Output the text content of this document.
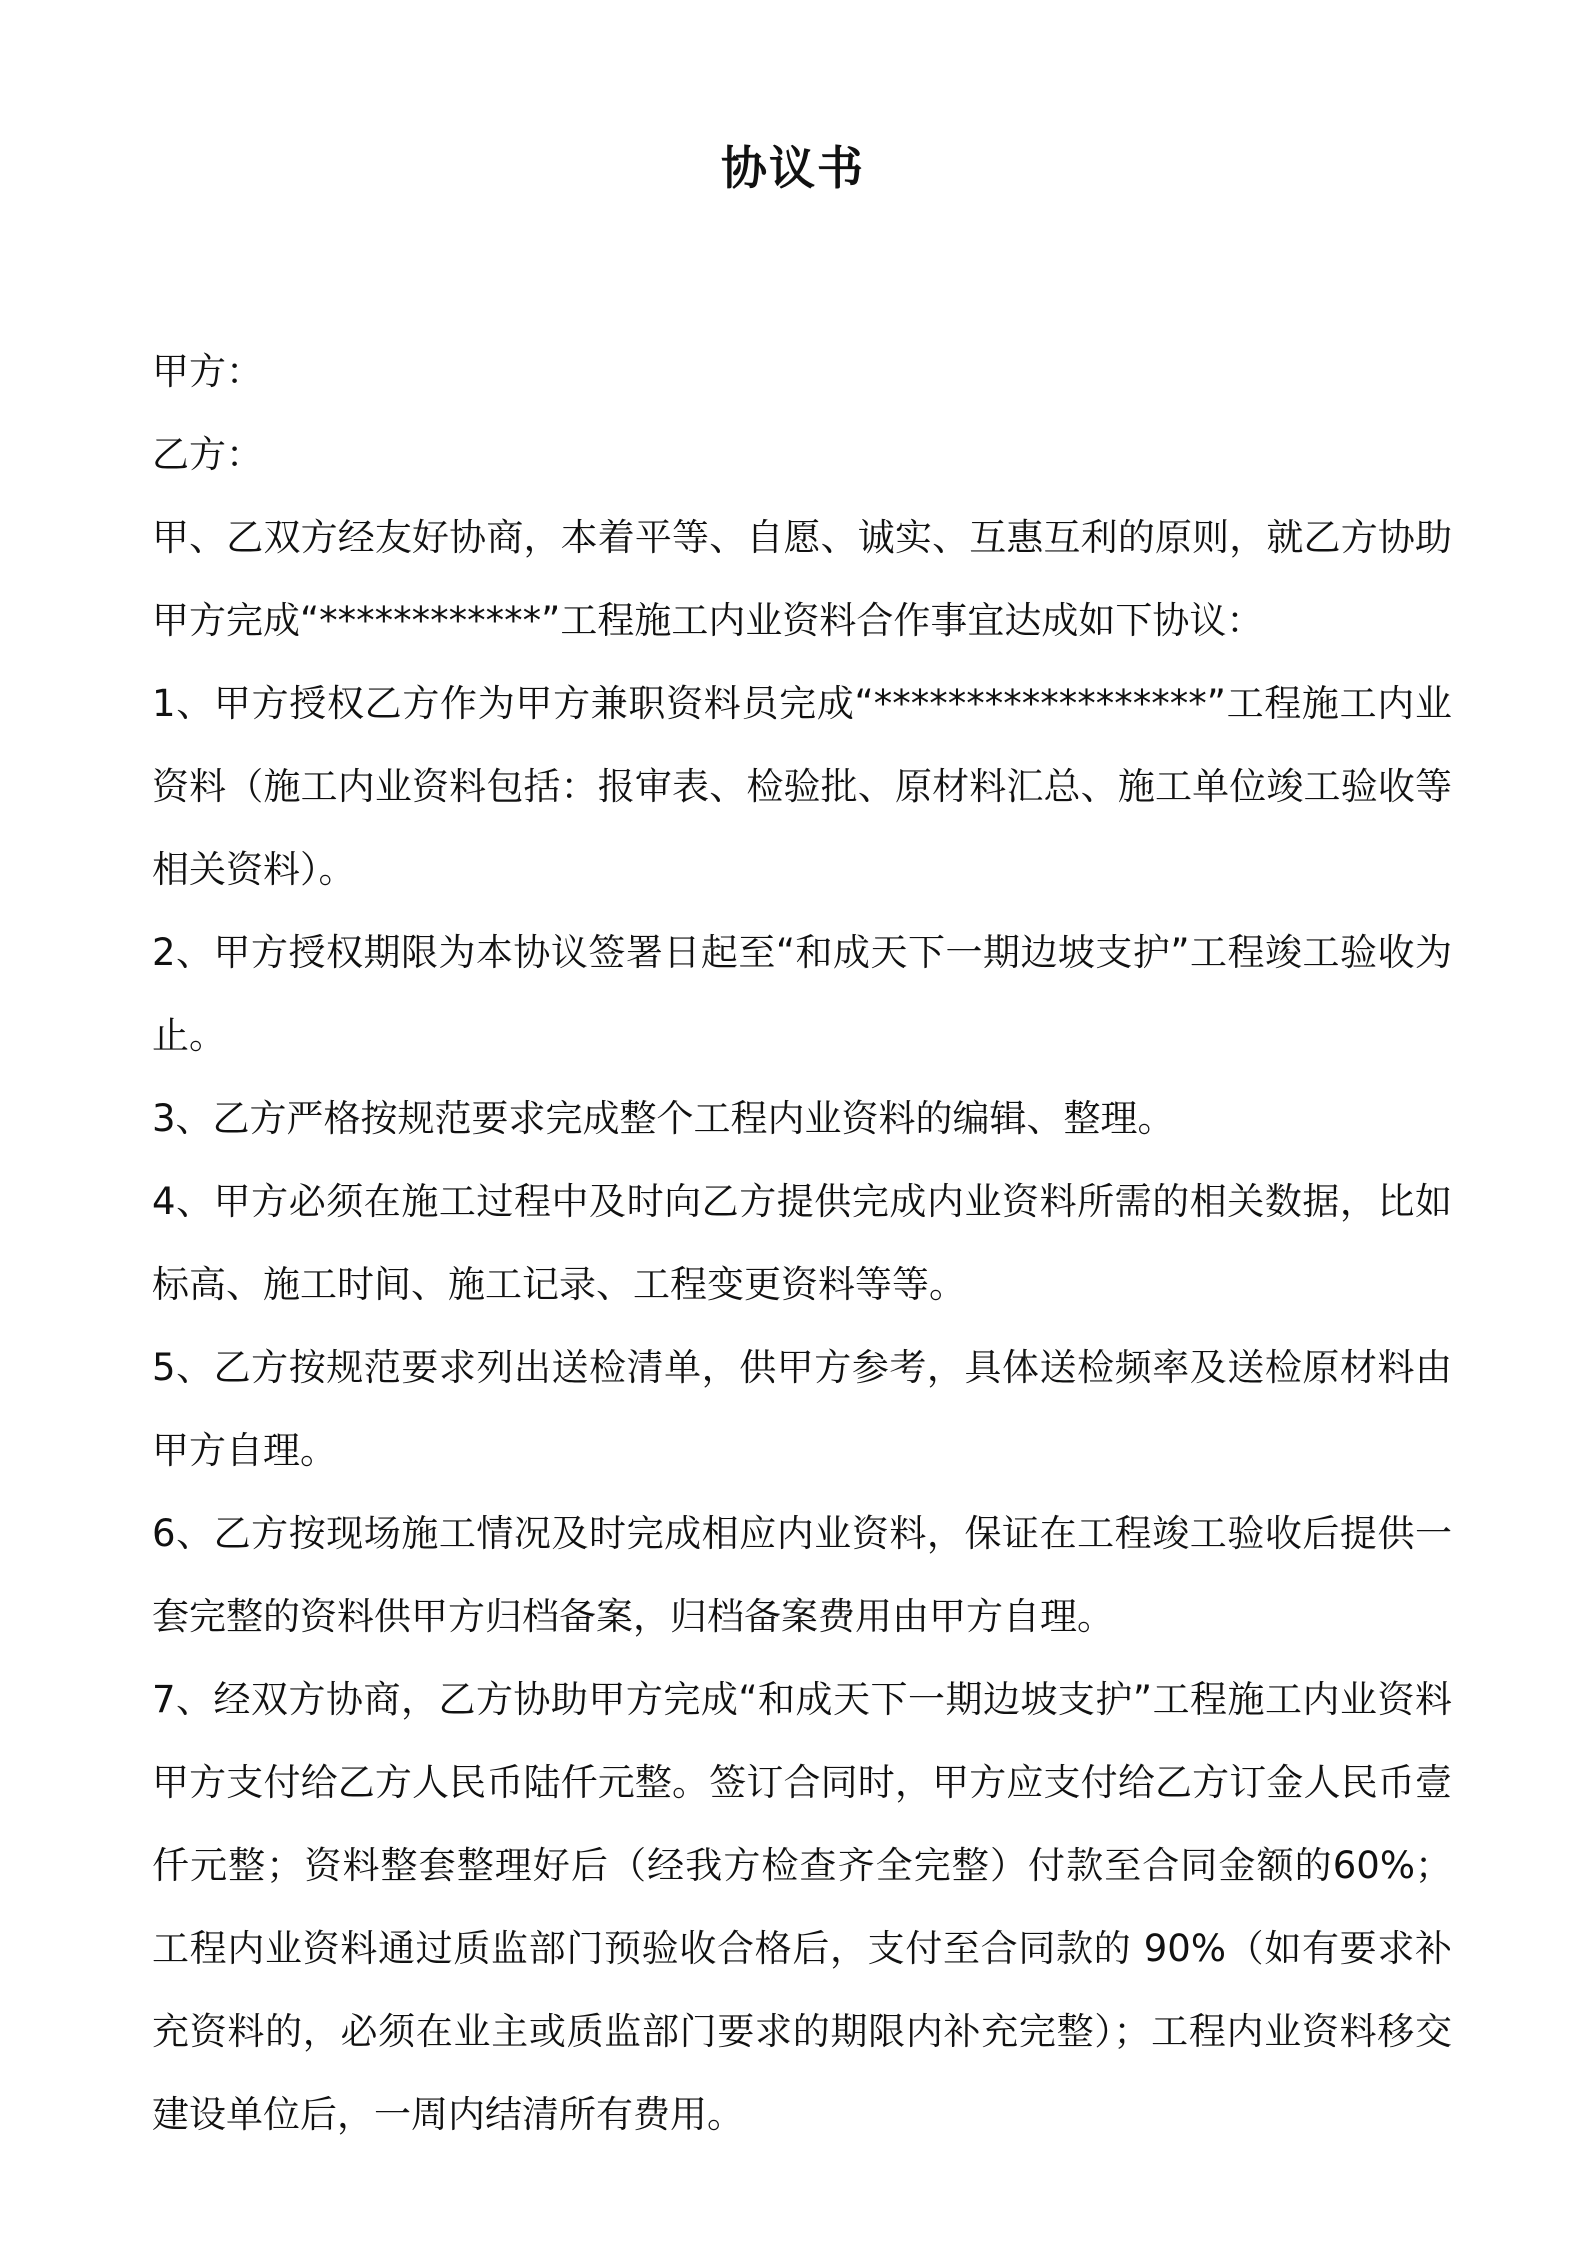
协议书

甲方：

乙方：

甲、乙双方经友好协商，本着平等、自愿、诚实、互惠互利的原则，就乙方协助甲方完成“************”工程施工内业资料合作事宜达成如下协议：

1、甲方授权乙方作为甲方兼职资料员完成“******************”工程施工内业资料（施工内业资料包括：报审表、检验批、原材料汇总、施工单位竣工验收等相关资料）。

2、甲方授权期限为本协议签署日起至“和成天下一期边坡支护”工程竣工验收为止。

3、乙方严格按规范要求完成整个工程内业资料的编辑、整理。

4、甲方必须在施工过程中及时向乙方提供完成内业资料所需的相关数据，比如标高、施工时间、施工记录、工程变更资料等等。

5、乙方按规范要求列出送检清单，供甲方参考，具体送检频率及送检原材料由甲方自理。

6、乙方按现场施工情况及时完成相应内业资料，保证在工程竣工验收后提供一套完整的资料供甲方归档备案，归档备案费用由甲方自理。

7、经双方协商，乙方协助甲方完成“和成天下一期边坡支护”工程施工内业资料甲方支付给乙方人民币陆仟元整。签订合同时，甲方应支付给乙方订金人民币壹仟元整；资料整套整理好后（经我方检查齐全完整）付款至合同金额的60%；工程内业资料通过质监部门预验收合格后，支付至合同款的 90%（如有要求补充资料的，必须在业主或质监部门要求的期限内补充完整）；工程内业资料移交建设单位后，一周内结清所有费用。
